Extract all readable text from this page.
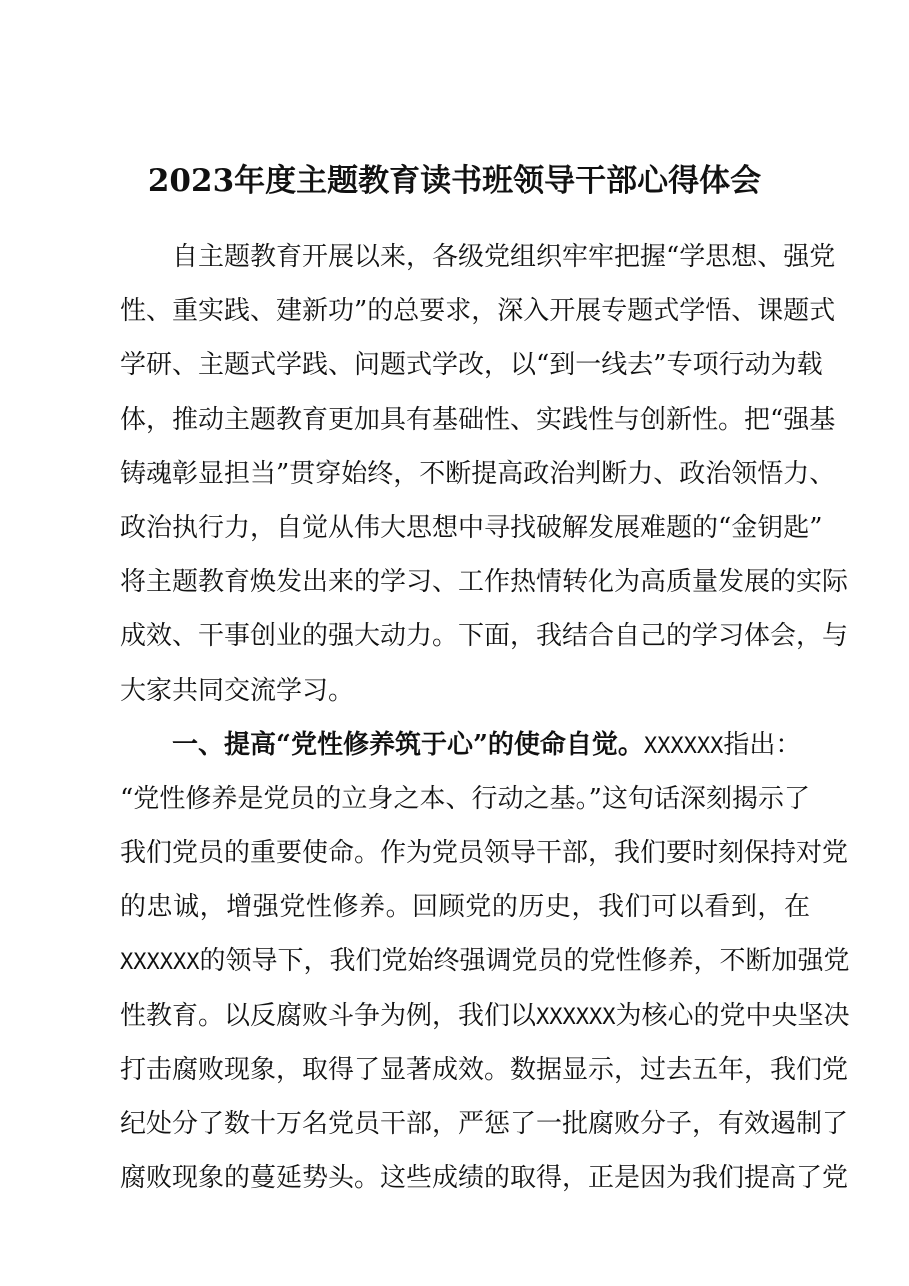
2023年度主题教育读书班领导干部心得体会
自主题教育开展以来，各级党组织牢牢把握“学思想、强党
性、重实践、建新功”的总要求，深入开展专题式学悟、课题式
学研、主题式学践、问题式学改，以“到一线去”专项行动为载
体，推动主题教育更加具有基础性、实践性与创新性。把“强基
铸魂彰显担当”贯穿始终，不断提高政治判断力、政治领悟力、
政治执行力，自觉从伟大思想中寻找破解发展难题的“金钥匙”
将主题教育焕发出来的学习、工作热情转化为高质量发展的实际
成效、干事创业的强大动力。下面，我结合自己的学习体会，与
大家共同交流学习。
一、提高“党性修养筑于心”的使命自觉。XXXXXX指出：
“党性修养是党员的立身之本、行动之基。”这句话深刻揭示了
我们党员的重要使命。作为党员领导干部，我们要时刻保持对党
的忠诚，增强党性修养。回顾党的历史，我们可以看到，在
XXXXXX的领导下，我们党始终强调党员的党性修养，不断加强党
性教育。以反腐败斗争为例，我们以XXXXXX为核心的党中央坚决
打击腐败现象，取得了显著成效。数据显示，过去五年，我们党
纪处分了数十万名党员干部，严惩了一批腐败分子，有效遏制了
腐败现象的蔓延势头。这些成绩的取得，正是因为我们提高了党
